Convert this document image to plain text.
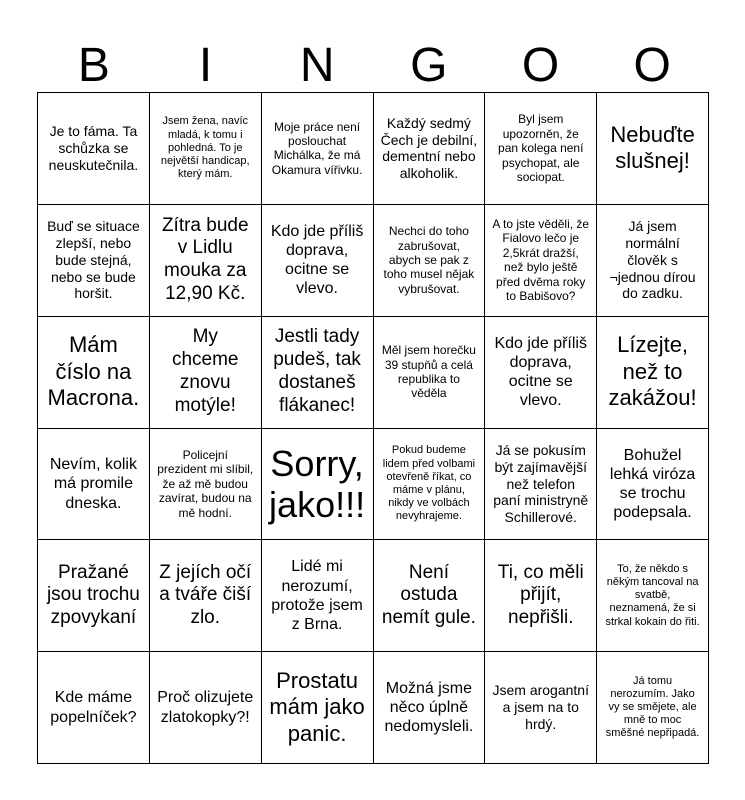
B	I	N	G	O	O
Je to fáma. Ta schůzka se neuskutečnila.
Jsem žena, navíc mladá, k tomu i pohledná. To je největší handicap, který mám.
Moje práce není poslouchat Michálka, že má Okamura vířivku.
Každý sedmý Čech je debilní, dementní nebo alkoholik.
Byl jsem upozorněn, že pan kolega není psychopat, ale sociopat.
Nebuďte slušnej!
Buď se situace zlepší, nebo bude stejná, nebo se bude horšit.
Zítra bude v Lidlu mouka za 12,90 Kč.
Kdo jde příliš doprava, ocitne se vlevo.
Nechci do toho zabrušovat, abych se pak z toho musel nějak vybrušovat.
A to jste věděli, že Fialovo lečo je 2,5krát dražší, než bylo ještě před dvěma roky to Babišovo?
Já jsem normální člověk s ¬jednou dírou do zadku.
Mám číslo na Macrona.
My chceme znovu motýle!
Jestli tady pudeš, tak dostaneš flákanec!
Měl jsem horečku 39 stupňů a celá republika to věděla
Kdo jde příliš doprava, ocitne se vlevo.
Lízejte, než to zakážou!
Nevím, kolik má promile dneska.
Policejní prezident mi slíbil, že až mě budou zavírat, budou na mě hodní.
Sorry, jako!!!
Pokud budeme lidem před volbami otevřeně říkat, co máme v plánu, nikdy ve volbách nevyhrajeme.
Já se pokusím být zajímavější než telefon paní ministryně Schillerové.
Bohužel lehká viróza se trochu podepsala.
Pražané jsou trochu zpovykaní
Z jejích očí a tváře čiší zlo.
Lidé mi nerozumí, protože jsem z Brna.
Není ostuda nemít gule.
Ti, co měli přijít, nepřišli.
To, že někdo s někým tancoval na svatbě, neznamená, že si strkal kokain do řiti.
Kde máme popelníček?
Proč olizujete zlatokopky?!
Prostatu mám jako panic.
Možná jsme něco úplně nedomysleli.
Jsem arogantní a jsem na to hrdý.
Já tomu nerozumím. Jako vy se smějete, ale mně to moc směšné nepřipadá.
